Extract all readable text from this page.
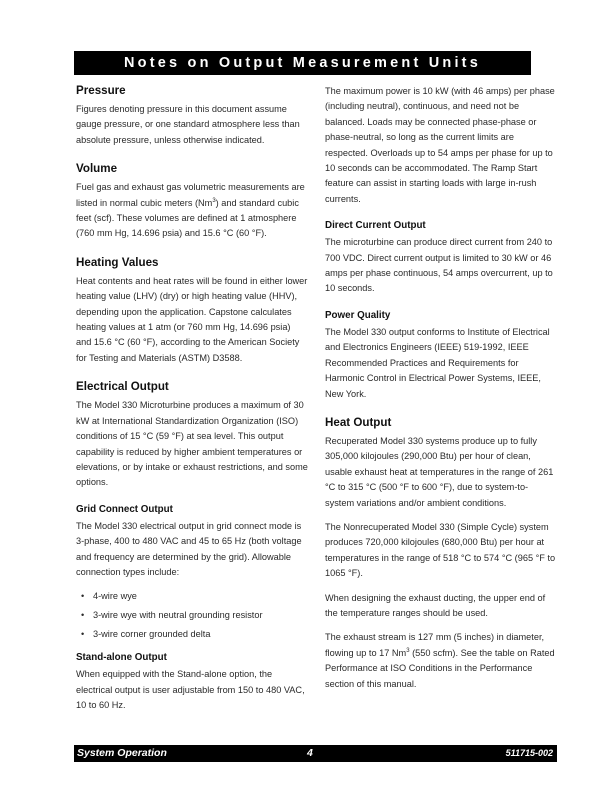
Notes on Output Measurement Units
Pressure

Figures denoting pressure in this document assume gauge pressure, or one standard atmosphere less than absolute pressure, unless otherwise indicated.

Volume

Fuel gas and exhaust gas volumetric measurements are listed in normal cubic meters (Nm$^3$) and standard cubic feet (scf). These volumes are defined at 1 atmosphere (760 mm Hg, 14.696 psia) and 15.6 °C (60 °F).

Heating Values

Heat contents and heat rates will be found in either lower heating value (LHV) (dry) or high heating value (HHV), depending upon the application. Capstone calculates heating values at 1 atm (or 760 mm Hg, 14.696 psia) and 15.6 °C (60 °F), according to the American Society for Testing and Materials (ASTM) D3588.

Electrical Output

The Model 330 Microturbine produces a maximum of 30 kW at International Standardization Organization (ISO) conditions of 15 °C (59 °F) at sea level. This output capability is reduced by higher ambient temperatures or elevations, or by intake or exhaust restrictions, and some options.

Grid Connect Output

The Model 330 electrical output in grid connect mode is 3-phase, 400 to 480 VAC and 45 to 65 Hz (both voltage and frequency are determined by the grid). Allowable connection types include:

• 4-wire wye
• 3-wire wye with neutral grounding resistor
• 3-wire corner grounded delta
Stand-alone Output

When equipped with the Stand-alone option, the electrical output is user adjustable from 150 to 480 VAC, 10 to 60 Hz.

The maximum power is 10 kW (with 46 amps) per phase (including neutral), continuous, and need not be balanced. Loads may be connected phase-phase or phase-neutral, so long as the current limits are respected. Overloads up to 54 amps per phase for up to 10 seconds can be accommodated. The Ramp Start feature can assist in starting loads with large in-rush currents.

Direct Current Output

The microturbine can produce direct current from 240 to 700 VDC. Direct current output is limited to 30 kW or 46 amps per phase continuous, 54 amps overcurrent, up to 10 seconds.

Power Quality

The Model 330 output conforms to Institute of Electrical and Electronics Engineers (IEEE) 519-1992, IEEE Recommended Practices and Requirements for Harmonic Control in Electrical Power Systems, IEEE, New York.

Heat Output

Recuperated Model 330 systems produce up to fully 305,000 kilojoules (290,000 Btu) per hour of clean, usable exhaust heat at temperatures in the range of 261 °C to 315 °C (500 °F to 600 °F), due to system-to-system variations and/or ambient conditions.

The Nonrecuperated Model 330 (Simple Cycle) system produces 720,000 kilojoules (680,000 Btu) per hour at temperatures in the range of 518 °C to 574 °C (965 °F to 1065 °F).

When designing the exhaust ducting, the upper end of the temperature ranges should be used.

The exhaust stream is 127 mm (5 inches) in diameter, flowing up to 17 Nm$^3$ (550 scfm). See the table on Rated Performance at ISO Conditions in the Performance section of this manual.

System Operation	4	511715-002
